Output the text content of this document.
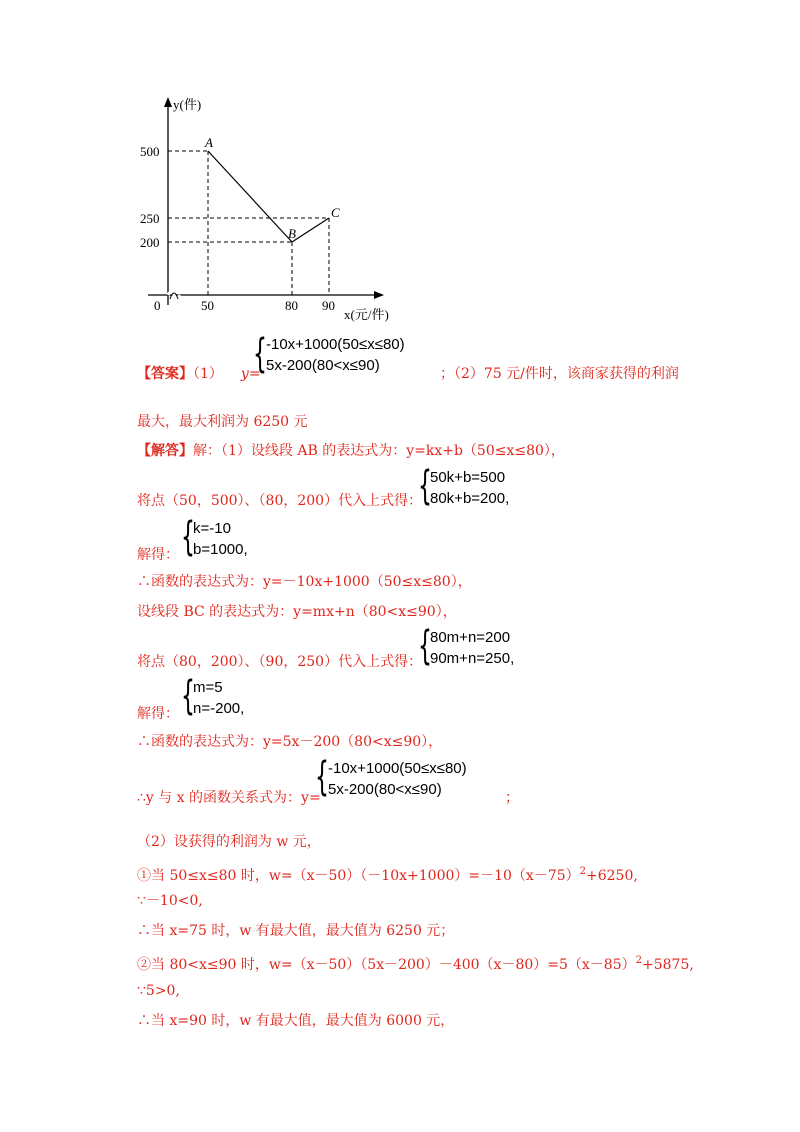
y(件)
x(元/件)
500
250
200
0	50	80 90
A
B
C
【答案】（1） y=
{ -10x+1000(50≤x≤80)
5x-200(80<x≤90)	；（2）75 元/件时，该商家获得的利润
最大，最大利润为 6250 元
【解答】解：（1）设线段 AB 的表达式为：y=kx+b（50≤x≤80），
将点（50，500）、（80，200）代入上式得：
{
50k+b=500
80k+b=200,
解得： {
k=-10
b=1000,
∴函数的表达式为：y=－10x+1000（50≤x≤80），
设线段 BC 的表达式为：y=mx+n（80<x≤90），
将点（80，200）、（90，250）代入上式得：
{
80m+n=200
90m+n=250,
解得： {
m=5
n=-200,
∴函数的表达式为：y=5x－200（80<x≤90），
∴y 与 x 的函数关系式为：y=
{ -10x+1000(50≤x≤80)
5x-200(80<x≤90)	；
（2）设获得的利润为 w 元，
①当 50≤x≤80 时，$w=(x-50)(-10x+1000)=-10(x-75)^2+6250$,
∵－10<0,
∴当 x=75 时，w 有最大值，最大值为 6250 元；
②当 80<x≤90 时，$w=(x-50)(5x-200)-400(x-80)=5(x-85)^2+5875$,
∵5>0,
∴当 x=90 时，w 有最大值，最大值为 6000 元，
